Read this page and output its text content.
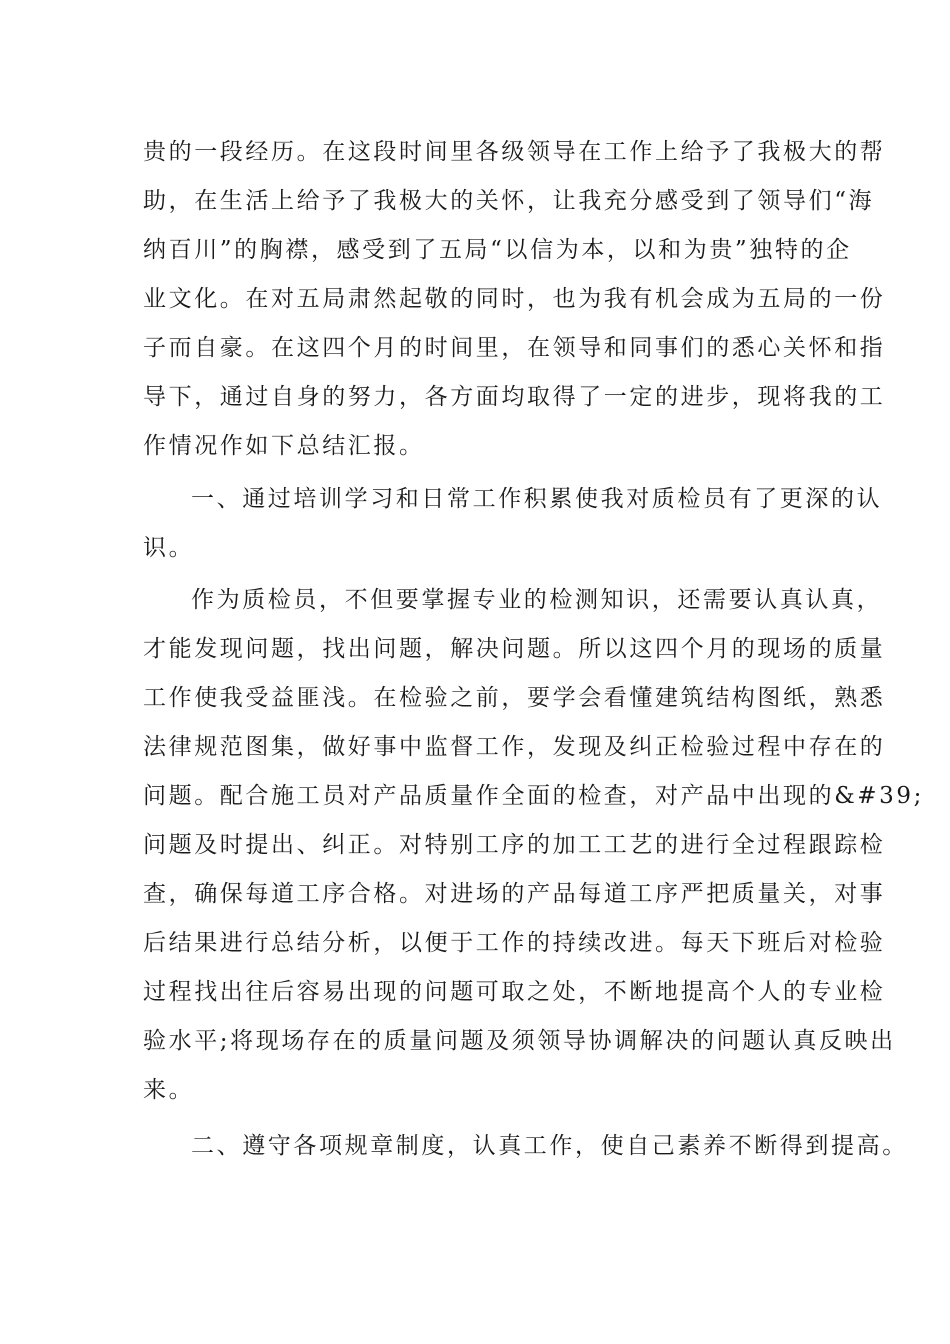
贵的一段经历。在这段时间里各级领导在工作上给予了我极大的帮

助，在生活上给予了我极大的关怀，让我充分感受到了领导们“海

纳百川”的胸襟，感受到了五局“以信为本，以和为贵”独特的企

业文化。在对五局肃然起敬的同时，也为我有机会成为五局的一份

子而自豪。在这四个月的时间里，在领导和同事们的悉心关怀和指

导下，通过自身的努力，各方面均取得了一定的进步，现将我的工

作情况作如下总结汇报。

一、通过培训学习和日常工作积累使我对质检员有了更深的认

识。

作为质检员，不但要掌握专业的检测知识，还需要认真认真，

才能发现问题，找出问题，解决问题。所以这四个月的现场的质量

工作使我受益匪浅。在检验之前，要学会看懂建筑结构图纸，熟悉

法律规范图集，做好事中监督工作，发现及纠正检验过程中存在的

问题。配合施工员对产品质量作全面的检查，对产品中出现的&#39;

问题及时提出、纠正。对特别工序的加工工艺的进行全过程跟踪检

查，确保每道工序合格。对进场的产品每道工序严把质量关，对事

后结果进行总结分析，以便于工作的持续改进。每天下班后对检验

过程找出往后容易出现的问题可取之处，不断地提高个人的专业检

验水平;将现场存在的质量问题及须领导协调解决的问题认真反映出

来。

二、遵守各项规章制度，认真工作，使自己素养不断得到提高。
